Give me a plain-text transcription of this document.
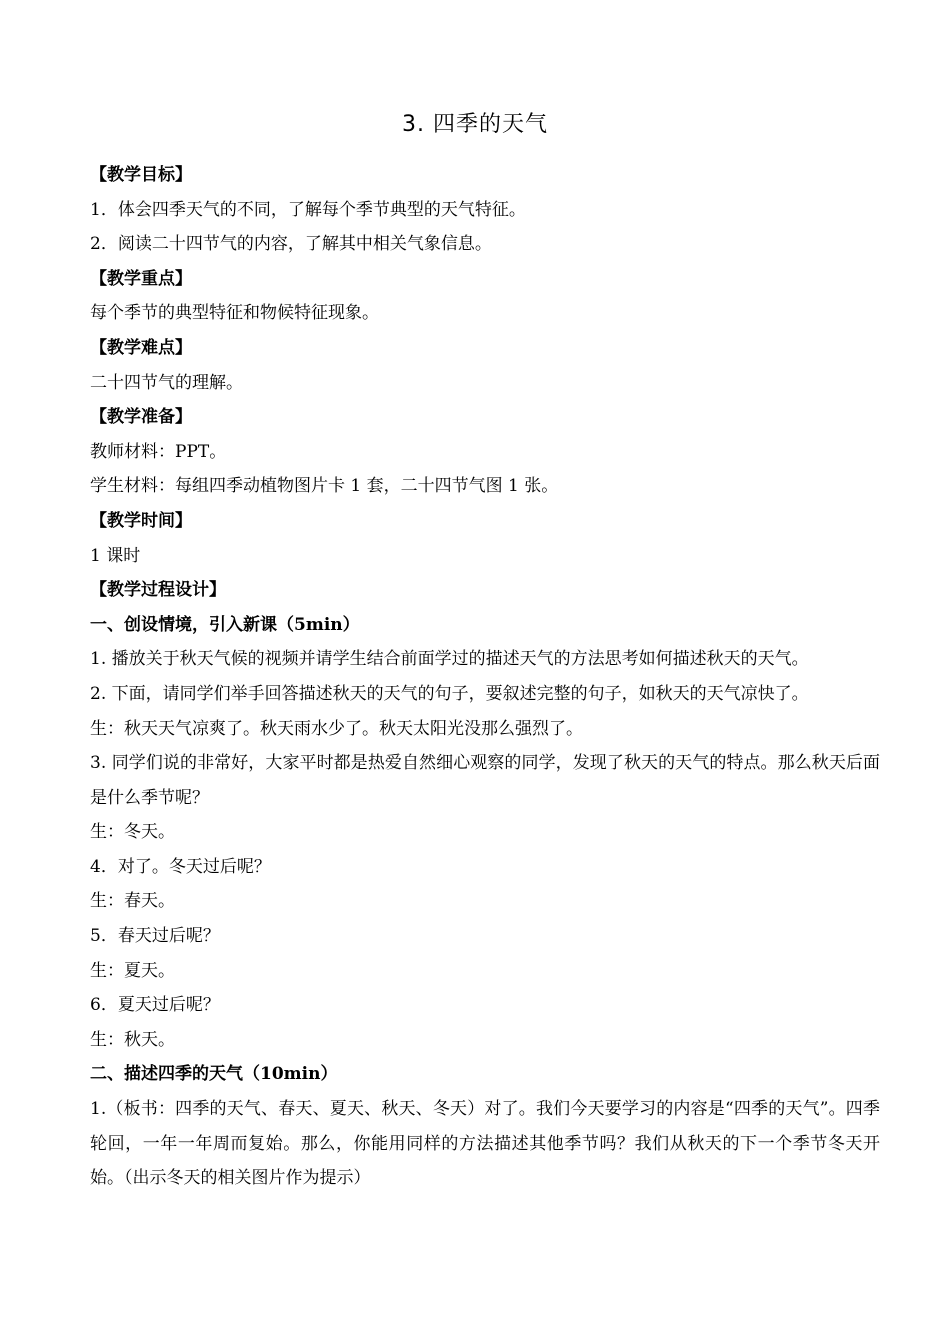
3. 四季的天气

【教学目标】

1．体会四季天气的不同，了解每个季节典型的天气特征。

2．阅读二十四节气的内容，了解其中相关气象信息。

【教学重点】

每个季节的典型特征和物候特征现象。

【教学难点】

二十四节气的理解。

【教学准备】

教师材料：PPT。

学生材料：每组四季动植物图片卡 1 套，二十四节气图 1 张。

【教学时间】

1 课时

【教学过程设计】

一、创设情境，引入新课（5min）

1. 播放关于秋天气候的视频并请学生结合前面学过的描述天气的方法思考如何描述秋天的天气。

2. 下面，请同学们举手回答描述秋天的天气的句子，要叙述完整的句子，如秋天的天气凉快了。

生：秋天天气凉爽了。秋天雨水少了。秋天太阳光没那么强烈了。

3. 同学们说的非常好，大家平时都是热爱自然细心观察的同学，发现了秋天的天气的特点。那么秋天后面是什么季节呢？

生：冬天。

4．对了。冬天过后呢？

生：春天。

5．春天过后呢？

生：夏天。

6．夏天过后呢？

生：秋天。

二、描述四季的天气（10min）

1.（板书：四季的天气、春天、夏天、秋天、冬天）对了。我们今天要学习的内容是“四季的天气”。四季轮回，一年一年周而复始。那么，你能用同样的方法描述其他季节吗？我们从秋天的下一个季节冬天开始。（出示冬天的相关图片作为提示）
